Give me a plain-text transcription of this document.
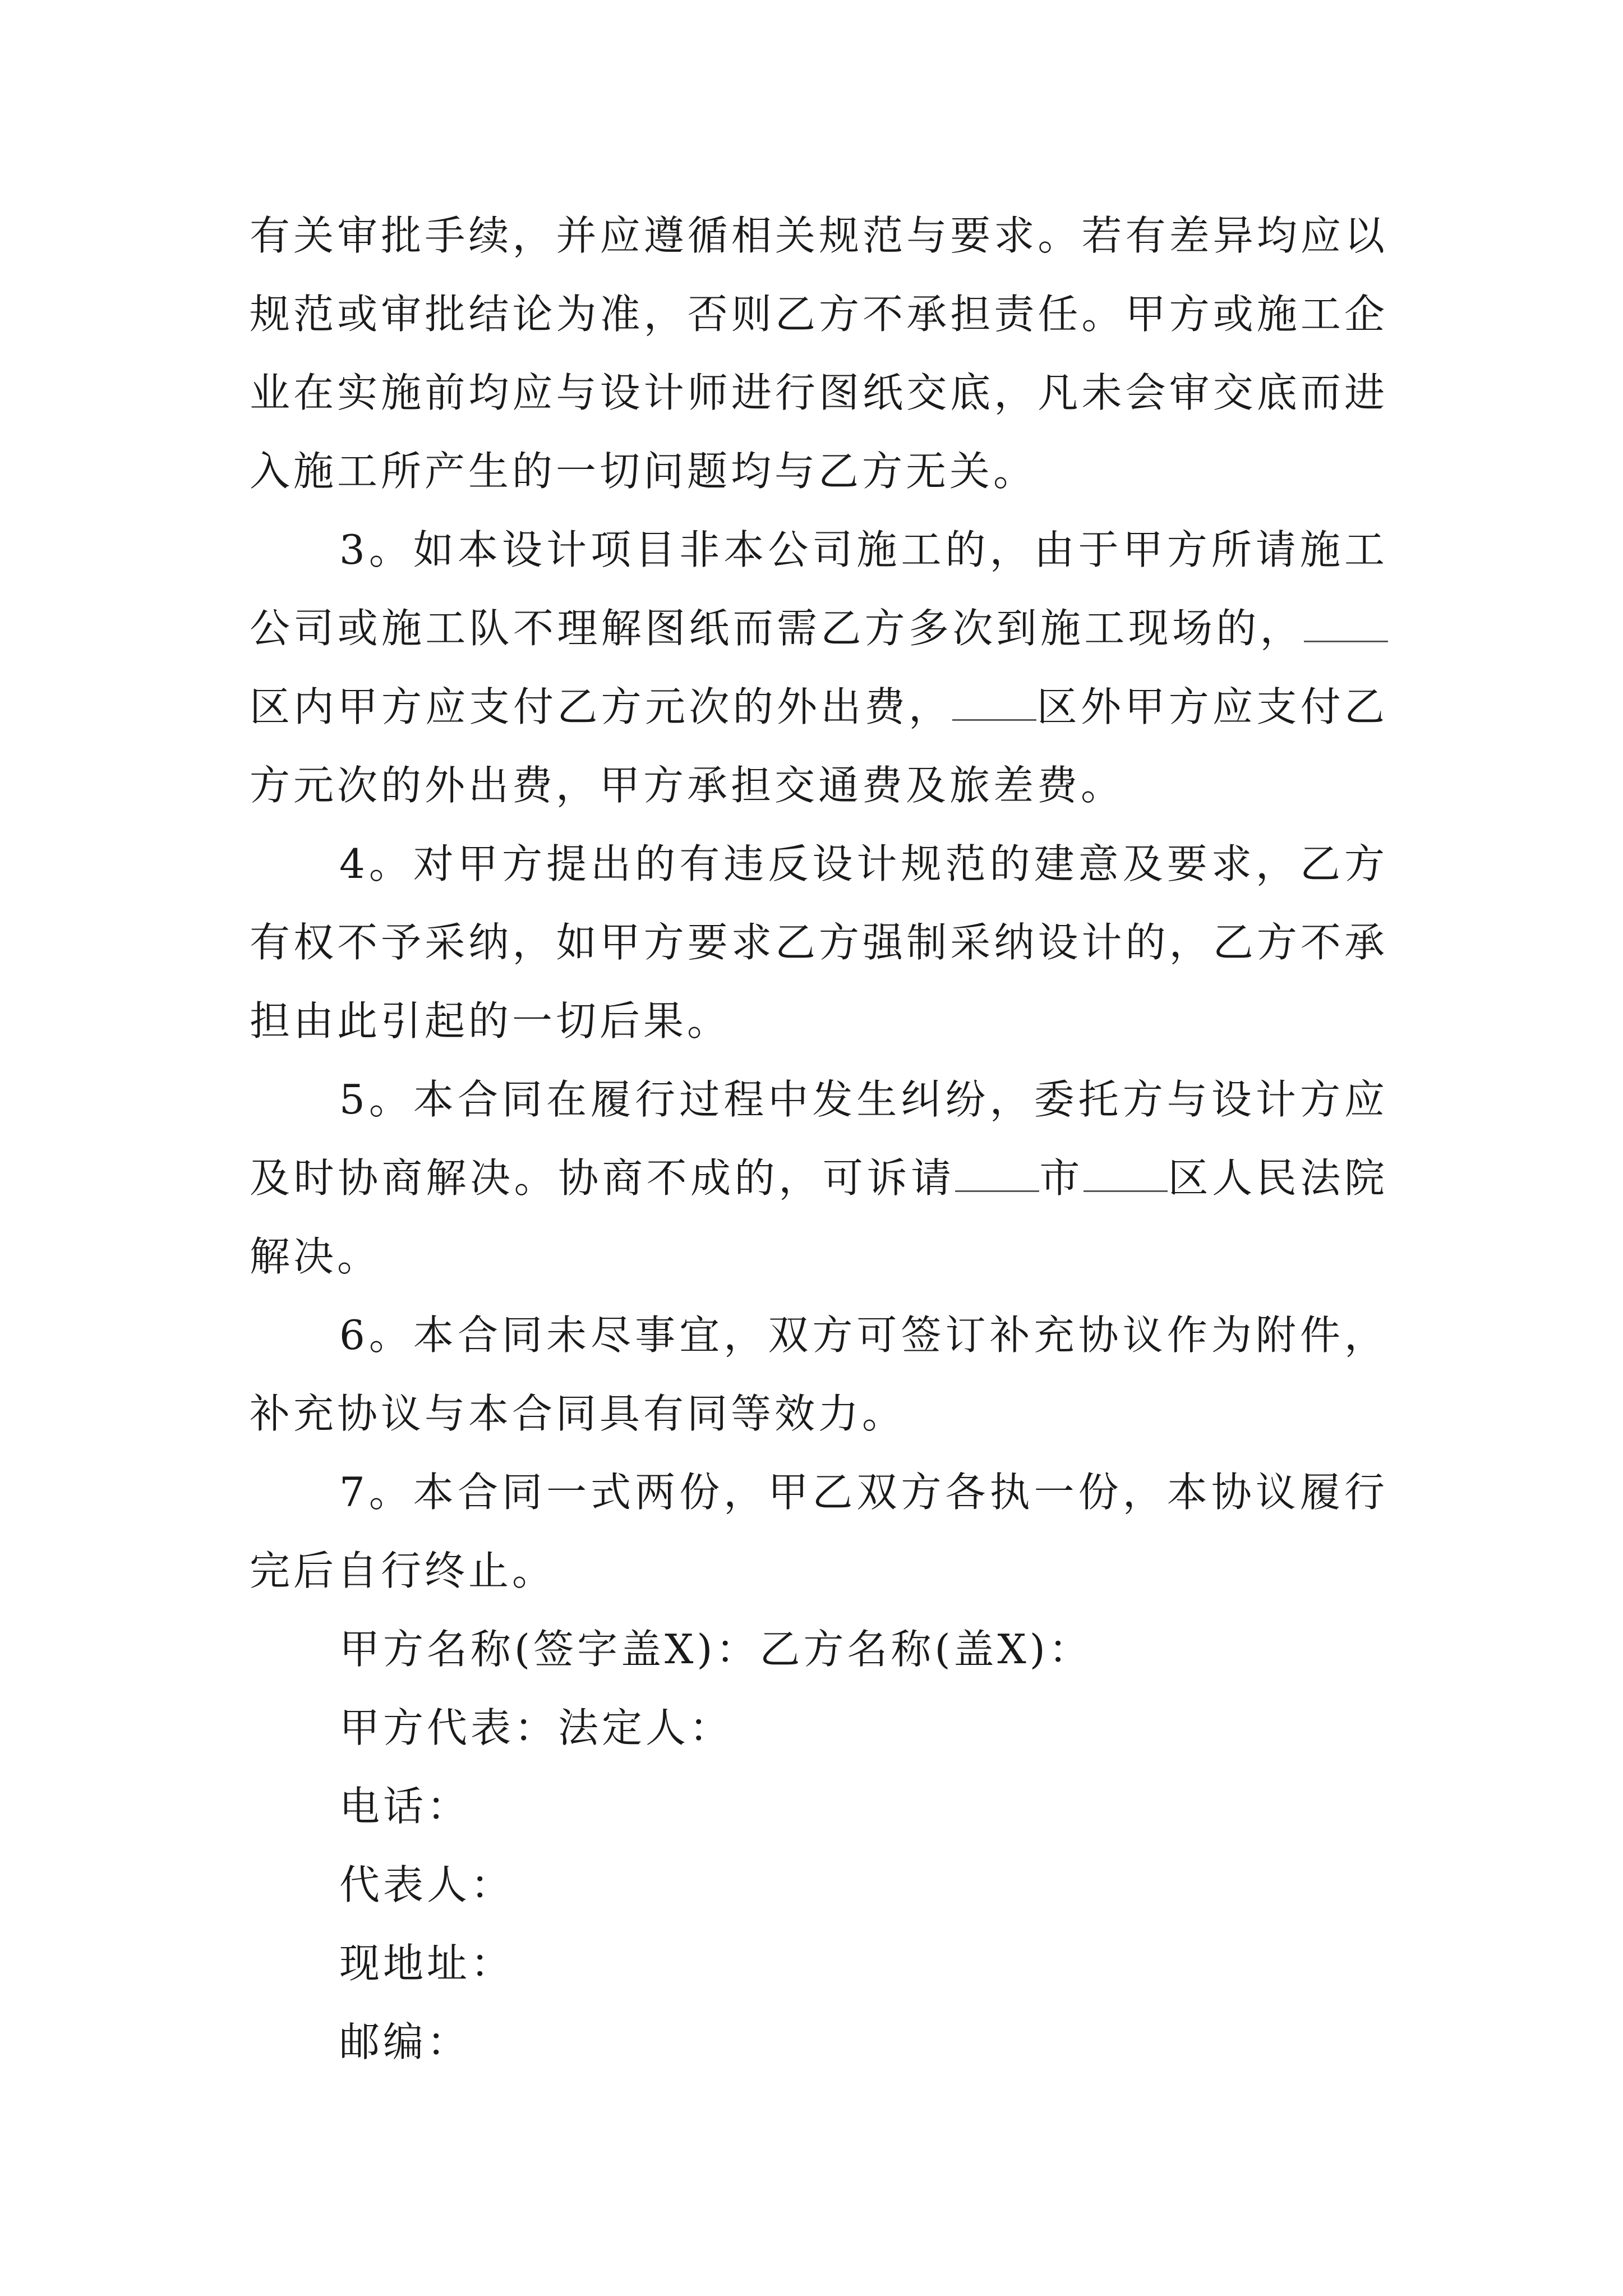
有关审批手续，并应遵循相关规范与要求。若有差异均应以规范或审批结论为准，否则乙方不承担责任。甲方或施工企业在实施前均应与设计师进行图纸交底，凡未会审交底而进入施工所产生的一切问题均与乙方无关。

3。如本设计项目非本公司施工的，由于甲方所请施工公司或施工队不理解图纸而需乙方多次到施工现场的，区内甲方应支付乙方元次的外出费， 区外甲方应支付乙方元次的外出费，甲方承担交通费及旅差费。

4。对甲方提出的有违反设计规范的建意及要求，乙方有权不予采纳，如甲方要求乙方强制采纳设计的，乙方不承担由此引起的一切后果。

5。本合同在履行过程中发生纠纷，委托方与设计方应及时协商解决。协商不成的，可诉请 市 区人民法院解决。

6。本合同未尽事宜，双方可签订补充协议作为附件，补充协议与本合同具有同等效力。

7。本合同一式两份，甲乙双方各执一份，本协议履行完后自行终止。

甲方名称(签字盖X)：乙方名称(盖X)：

甲方代表：法定人：

电话：

代表人：

现地址：

邮编：
